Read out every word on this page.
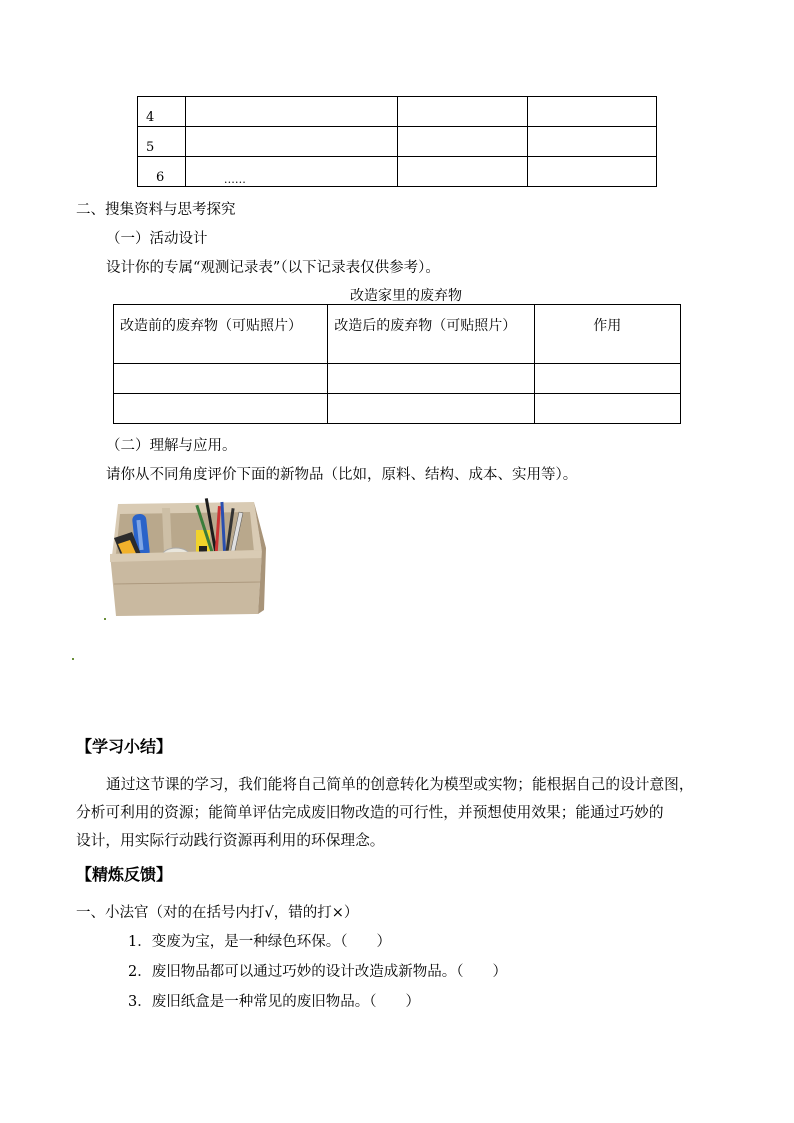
4			
5			
6	$_{\dots\dots}$		
二、搜集资料与思考探究
（一）活动设计
设计你的专属“观测记录表”（以下记录表仅供参考）。
改造家里的废弃物
改造前的废弃物（可贴照片）	改造后的废弃物（可贴照片）	作用

（二）理解与应用。
请你从不同角度评价下面的新物品（比如，原料、结构、成本、实用等）。
【学习小结】
通过这节课的学习，我们能将自己简单的创意转化为模型或实物；能根据自己的设计意图，
分析可利用的资源；能简单评估完成废旧物改造的可行性，并预想使用效果；能通过巧妙的
设计，用实际行动践行资源再利用的环保理念。
【精炼反馈】
一、小法官（对的在括号内打√，错的打×）
1．变废为宝，是一种绿色环保。（　　）
2．废旧物品都可以通过巧妙的设计改造成新物品。（　　）
3．废旧纸盒是一种常见的废旧物品。（　　）
